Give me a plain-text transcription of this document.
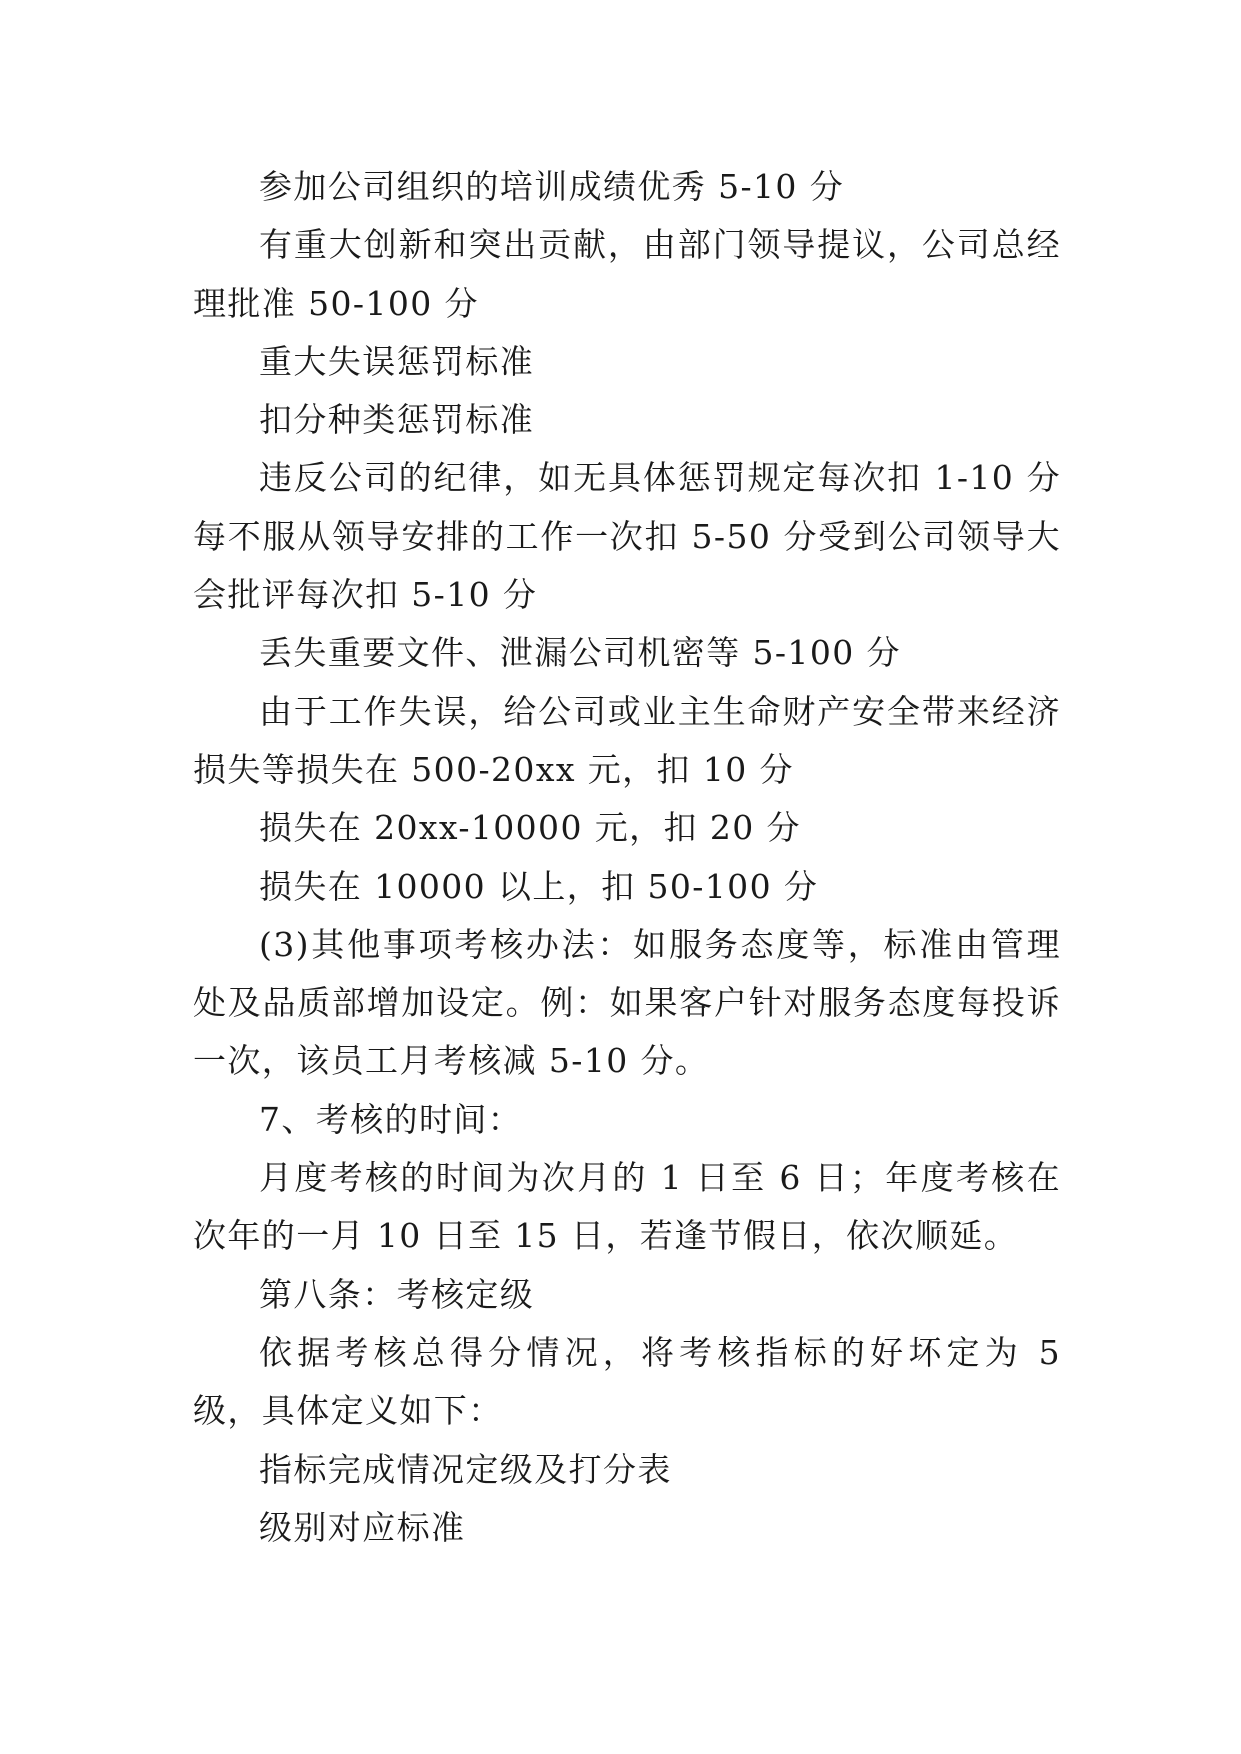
参加公司组织的培训成绩优秀 5-10 分

有重大创新和突出贡献，由部门领导提议，公司总经理批准 50-100 分

重大失误惩罚标准

扣分种类惩罚标准

违反公司的纪律，如无具体惩罚规定每次扣 1-10 分每不服从领导安排的工作一次扣 5-50 分受到公司领导大会批评每次扣 5-10 分

丢失重要文件、泄漏公司机密等 5-100 分

由于工作失误，给公司或业主生命财产安全带来经济损失等损失在 500-20xx 元，扣 10 分

损失在 20xx-10000 元，扣 20 分

损失在 10000 以上，扣 50-100 分

(3)其他事项考核办法：如服务态度等，标准由管理处及品质部增加设定。例：如果客户针对服务态度每投诉一次，该员工月考核减 5-10 分。

7、考核的时间：

月度考核的时间为次月的 1 日至 6 日；年度考核在次年的一月 10 日至 15 日，若逢节假日，依次顺延。

第八条：考核定级

依据考核总得分情况，将考核指标的好坏定为 5 级，具体定义如下：

指标完成情况定级及打分表

级别对应标准
